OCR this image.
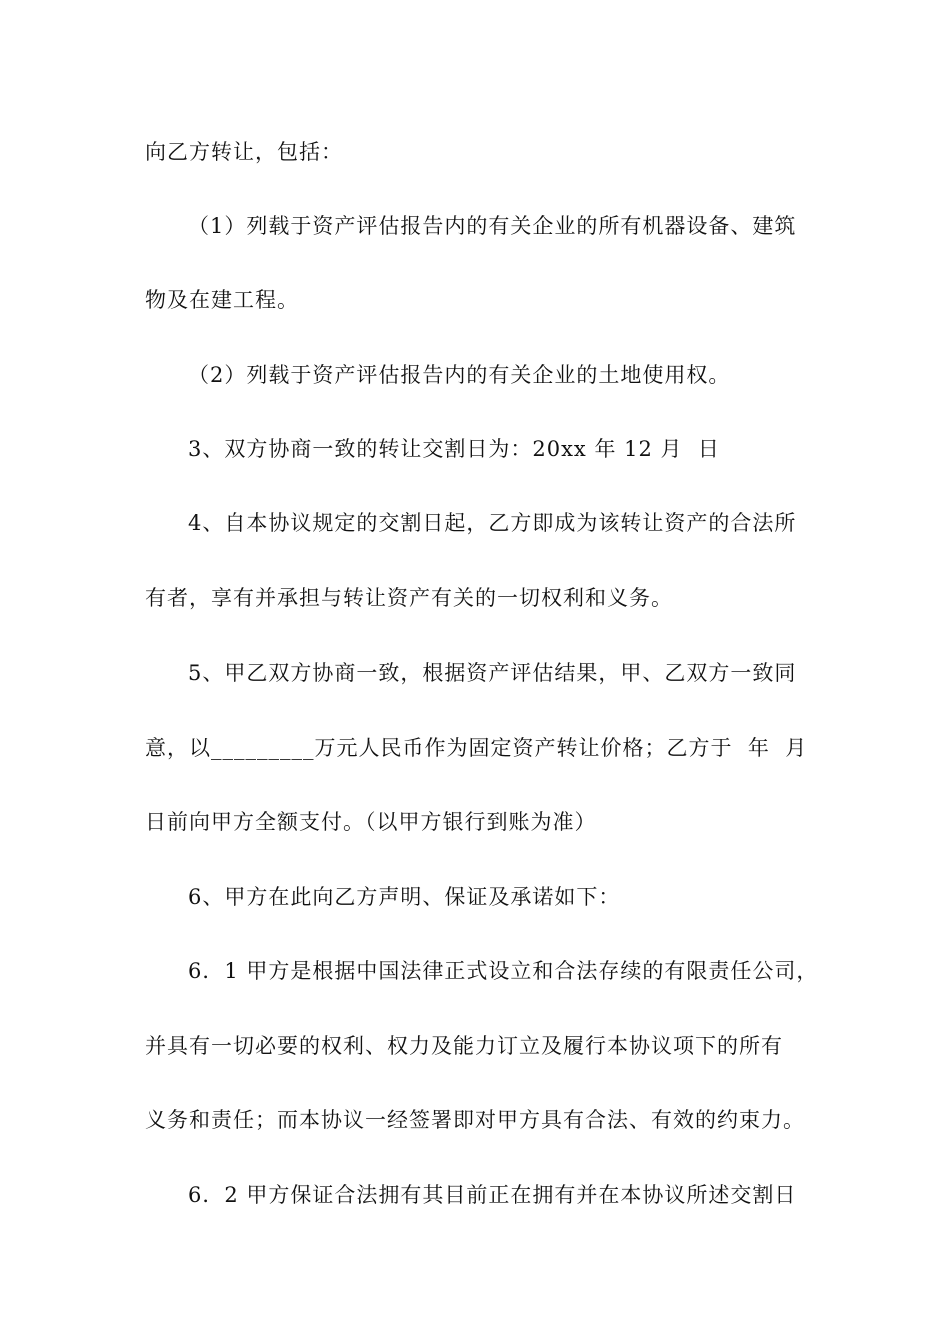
向乙方转让，包括：
（1）列载于资产评估报告内的有关企业的所有机器设备、建筑
物及在建工程。
（2）列载于资产评估报告内的有关企业的土地使用权。
3、双方协商一致的转让交割日为：20xx 年 12 月  日
4、自本协议规定的交割日起，乙方即成为该转让资产的合法所
有者，享有并承担与转让资产有关的一切权利和义务。
5、甲乙双方协商一致，根据资产评估结果，甲、乙双方一致同
意，以_________万元人民币作为固定资产转让价格；乙方于  年  月
日前向甲方全额支付。（以甲方银行到账为准）
6、甲方在此向乙方声明、保证及承诺如下：
6．1 甲方是根据中国法律正式设立和合法存续的有限责任公司，
并具有一切必要的权利、权力及能力订立及履行本协议项下的所有
义务和责任；而本协议一经签署即对甲方具有合法、有效的约束力。
6．2 甲方保证合法拥有其目前正在拥有并在本协议所述交割日
